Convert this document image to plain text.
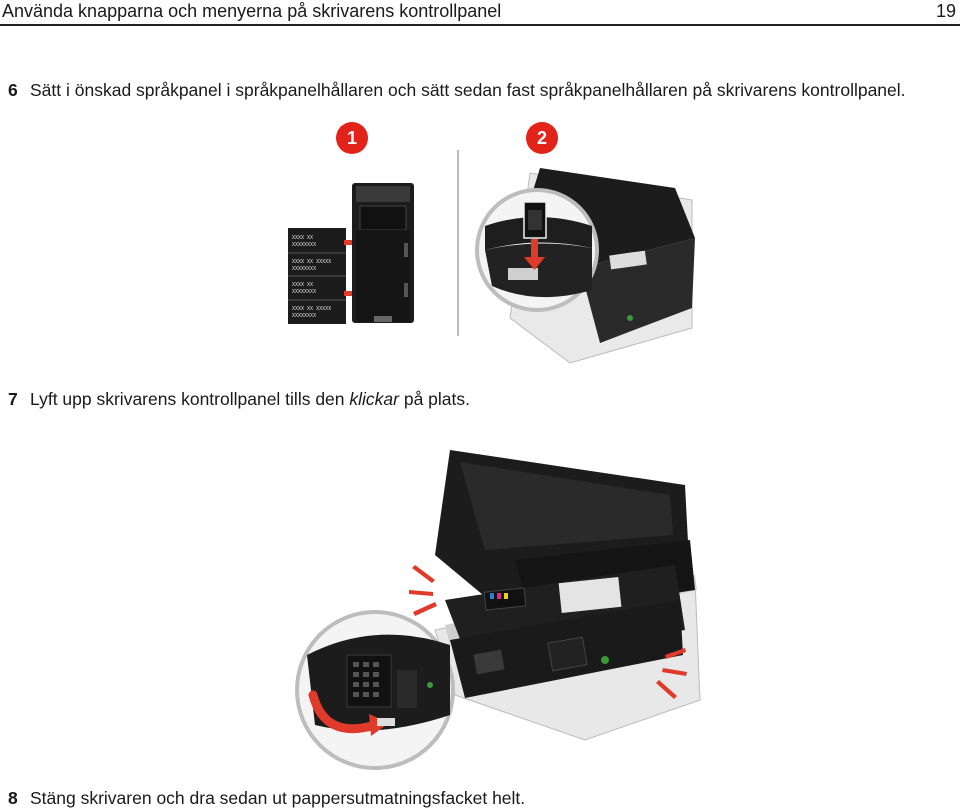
Använda knapparna och menyerna på skrivarens kontrollpanel	19
6 Sätt i önskad språkpanel i språkpanelhållaren och sätt sedan fast språkpanelhållaren på skrivarens kontrollpanel.
1	2
XXXX XX
XXXXXXXX
XXXX XX XXXXX
XXXXXXXX
XXXX XX
XXXXXXXX
XXXX XX XXXXX
XXXXXXXX
7 Lyft upp skrivarens kontrollpanel tills den klickar på plats.
8 Stäng skrivaren och dra sedan ut pappersutmatningsfacket helt.
